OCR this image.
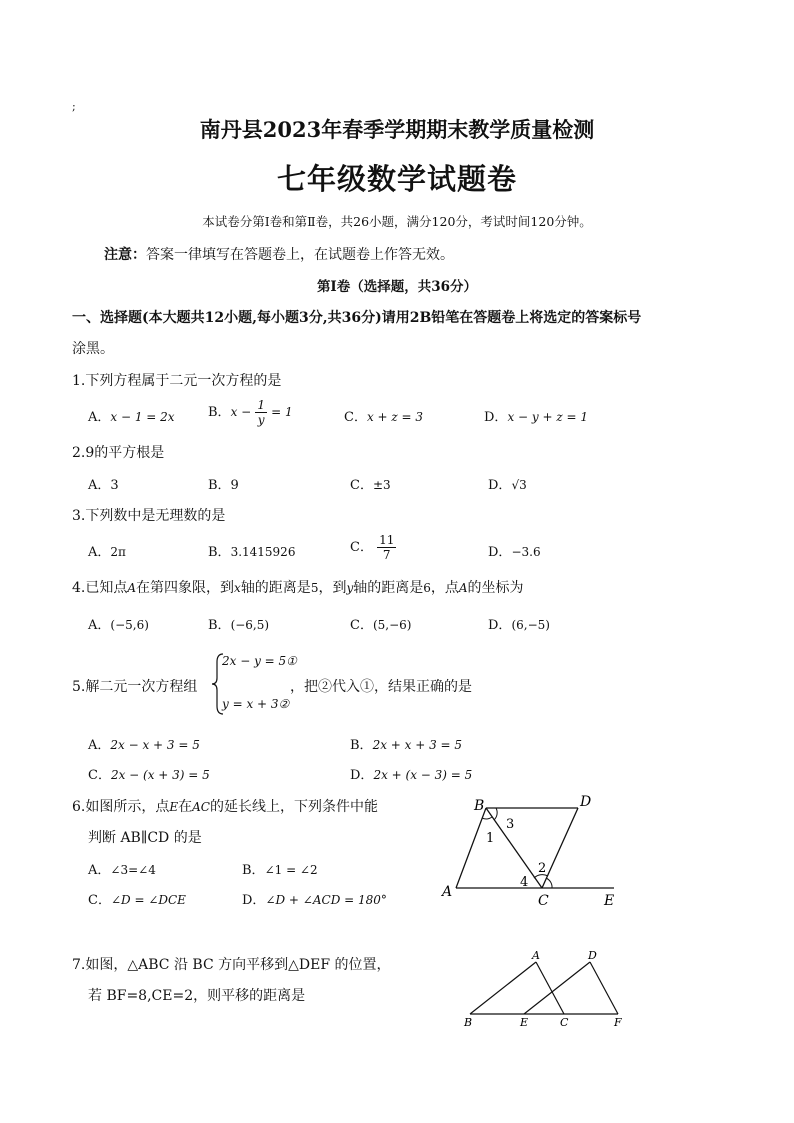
;
南丹县2023年春季学期期末教学质量检测
七年级数学试题卷
本试卷分第Ⅰ卷和第Ⅱ卷，共26小题，满分120分，考试时间120分钟。
注意：答案一律填写在答题卷上，在试题卷上作答无效。
第Ⅰ卷（选择题，共36分）
一、选择题(本大题共12小题,每小题3分,共36分)请用2B铅笔在答题卷上将选定的答案标号
涂黑。
1.下列方程属于二元一次方程的是
A．x − 1 = 2x	B．$x - \frac{1}{y} = 1$	C．x + z = 3	D．x − y + z = 1
2.9的平方根是
A．3	B．9	C．±3	D．√3
3.下列数中是无理数的是
A．2π	B．3.1415926	C． $\frac{11}{7}$	D．−3.6
4.已知点A在第四象限，到x轴的距离是5，到y轴的距离是6，点A的坐标为
A．(−5,6)	B．(−6,5)	C．(5,−6)	D．(6,−5)
5.解二元一次方程组
2x − y = 5①
y = x + 3②
，把②代入①，结果正确的是
A．2x − x + 3 = 5	B．2x + x + 3 = 5
C．2x − (x + 3) = 5	D．2x + (x − 3) = 5
6.如图所示，点E在AC的延长线上，下列条件中能
判断 AB∥CD 的是
A．∠3=∠4	B．∠1 = ∠2
C．∠D = ∠DCE	D．∠D + ∠ACD = 180°
B	D
A
C	E
3
1
2
4
7.如图，△ABC 沿 BC 方向平移到△DEF 的位置，
若 BF=8,CE=2，则平移的距离是
A	D
B	E	C	F
